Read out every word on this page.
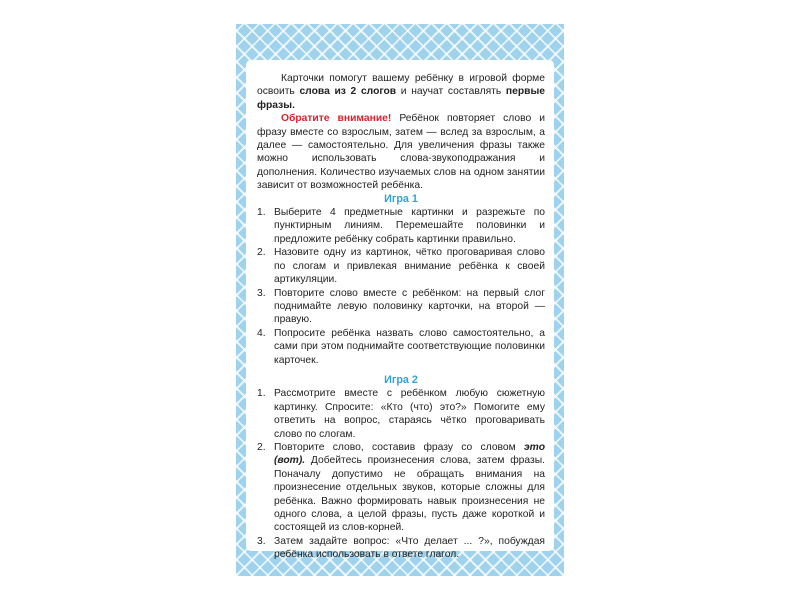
Карточки помогут вашему ребёнку в игровой форме освоить слова из 2 слогов и научат составлять первые фразы.

Обратите внимание! Ребёнок повторяет слово и фразу вместе со взрослым, затем — вслед за взрослым, а далее — самостоятельно. Для увеличения фразы также можно использовать слова-звукоподражания и дополнения. Количество изучаемых слов на одном занятии зависит от возможностей ребёнка.

Игра 1
1. Выберите 4 предметные картинки и разрежьте по пунктирным линиям. Перемешайте половинки и предложите ребёнку собрать картинки правильно.
2. Назовите одну из картинок, чётко проговаривая слово по слогам и привлекая внимание ребёнка к своей артикуляции.
3. Повторите слово вместе с ребёнком: на первый слог поднимайте левую половинку карточки, на второй — правую.
4. Попросите ребёнка назвать слово самостоятельно, а сами при этом поднимайте соответствующие половинки карточек.
Игра 2
1. Рассмотрите вместе с ребёнком любую сюжетную картинку. Спросите: «Кто (что) это?» Помогите ему ответить на вопрос, стараясь чётко проговаривать слово по слогам.
2. Повторите слово, составив фразу со словом это (вот). Добейтесь произнесения слова, затем фразы. Поначалу допустимо не обращать внимания на произнесение отдельных звуков, которые сложны для ребёнка. Важно формировать навык произнесения не одного слова, а целой фразы, пусть даже короткой и состоящей из слов-корней.
3. Затем задайте вопрос: «Что делает ... ?», побуждая ребёнка использовать в ответе глагол.
